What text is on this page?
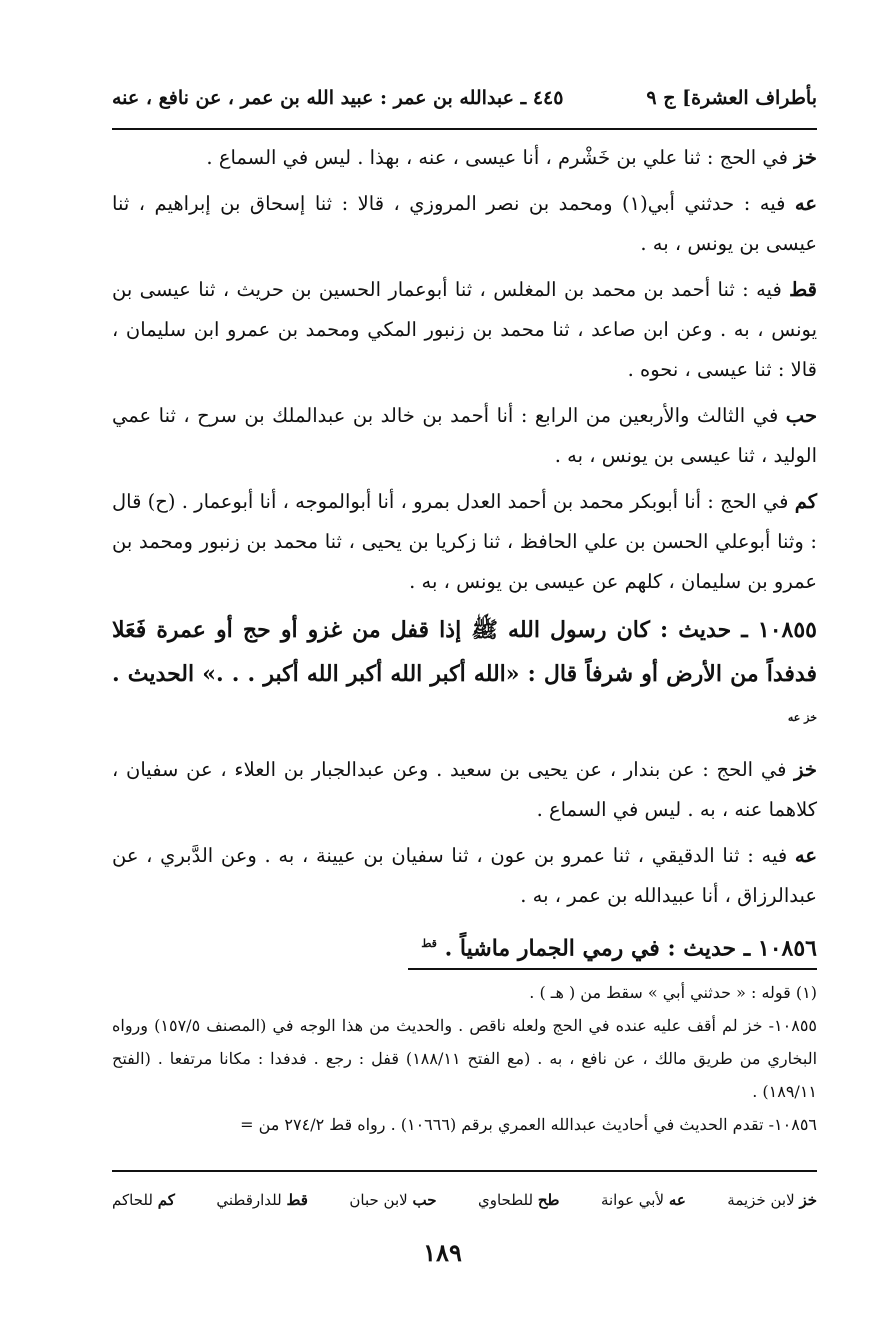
بأطراف العشرة] ج ٩
٤٤٥ ـ عبدالله بن عمر : عبيد الله بن عمر ، عن نافع ، عنه

خز في الحج : ثنا علي بن خَشْرم ، أنا عيسى ، عنه ، بهذا . ليس في السماع .

عه فيه : حدثني أبي(١) ومحمد بن نصر المروزي ، قالا : ثنا إسحاق بن إبراهيم ، ثنا عيسى بن يونس ، به .

قط فيه : ثنا أحمد بن محمد بن المغلس ، ثنا أبوعمار الحسين بن حريث ، ثنا عيسى بن يونس ، به . وعن ابن صاعد ، ثنا محمد بن زنبور المكي ومحمد بن عمرو ابن سليمان ، قالا : ثنا عيسى ، نحوه .

حب في الثالث والأربعين من الرابع : أنا أحمد بن خالد بن عبدالملك بن سرح ، ثنا عمي الوليد ، ثنا عيسى بن يونس ، به .

كم في الحج : أنا أبوبكر محمد بن أحمد العدل بمرو ، أنا أبوالموجه ، أنا أبوعمار . (ح) قال : وثنا أبوعلي الحسن بن علي الحافظ ، ثنا زكريا بن يحيى ، ثنا محمد بن زنبور ومحمد بن عمرو بن سليمان ، كلهم عن عيسى بن يونس ، به .

١٠٨٥٥ ـ حديث : كان رسول الله ﷺ إذا قفل من غزو أو حج أو عمرة فَعَلا فدفداً من الأرض أو شرفاً قال : «الله أكبر الله أكبر الله أكبر . . .» الحديث . $^{خز عه}$

خز في الحج : عن بندار ، عن يحيى بن سعيد . وعن عبدالجبار بن العلاء ، عن سفيان ، كلاهما عنه ، به . ليس في السماع .

عه فيه : ثنا الدقيقي ، ثنا عمرو بن عون ، ثنا سفيان بن عيينة ، به . وعن الدَّبري ، عن عبدالرزاق ، أنا عبيدالله بن عمر ، به .

١٠٨٥٦ ـ حديث : في رمي الجمار ماشياً . $^{قط}$

(١) قوله : « حدثني أبي » سقط من ( هـ ) .

١٠٨٥٥- خز لم أقف عليه عنده في الحج ولعله ناقص . والحديث من هذا الوجه في (المصنف ١٥٧/٥) ورواه البخاري من طريق مالك ، عن نافع ، به . (مع الفتح ١٨٨/١١) قفل : رجع . فدفدا : مكانا مرتفعا . (الفتح ١٨٩/١١) .

١٠٨٥٦- تقدم الحديث في أحاديث عبدالله العمري برقم (١٠٦٦٦) . رواه قط ٢٧٤/٢ من =

خز لابن خزيمة
عه لأبي عوانة
طح للطحاوي
حب لابن حبان
قط للدارقطني
كم للحاكم
١٨٩
